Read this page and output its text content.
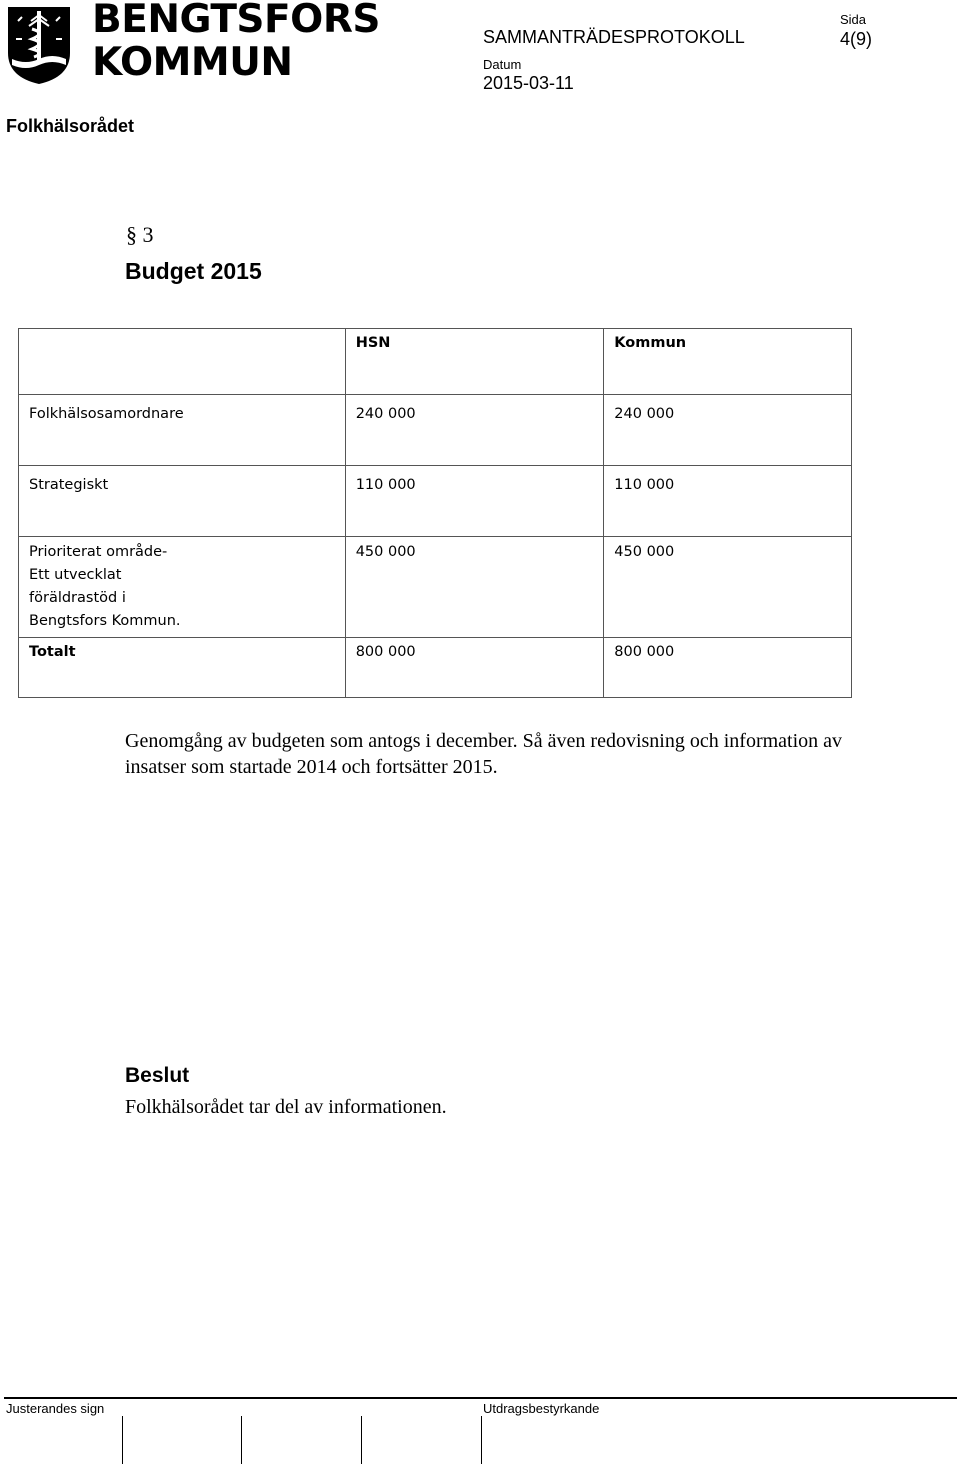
BENGTSFORS
KOMMUN
SAMMANTRÄDESPROTOKOLL
Sida
4(9)
Datum
2015-03-11
Folkhälsorådet
§ 3
Budget 2015
	HSN	Kommun
Folkhälsosamordnare	240 000	240 000
Strategiskt	110 000	110 000

Prioriterat område-
Ett utvecklat
föräldrastöd i
Bengtsfors Kommun.	450 000	450 000
Totalt	800 000	800 000
Genomgång av budgeten som antogs i december. Så även redovisning och information av insatser som startade 2014 och fortsätter 2015.
Beslut
Folkhälsorådet tar del av informationen.
Justerandes sign	Utdragsbestyrkande
